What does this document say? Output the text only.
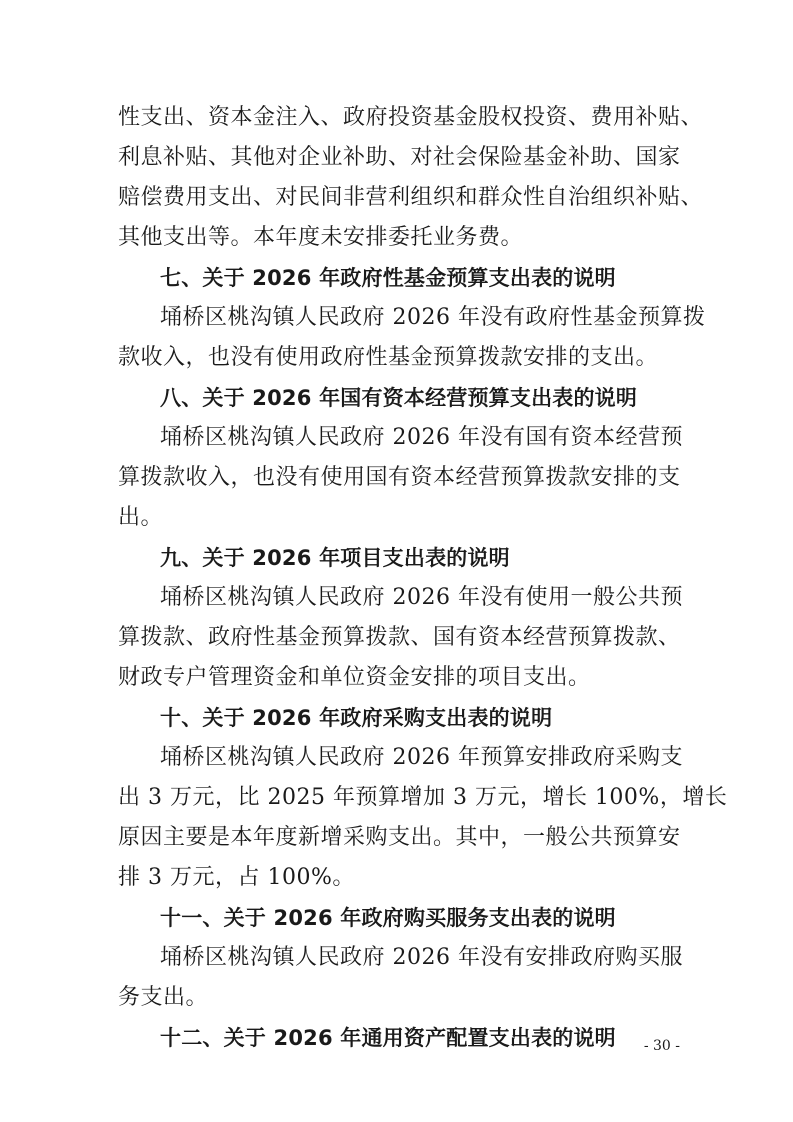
性支出、资本金注入、政府投资基金股权投资、费用补贴、
利息补贴、其他对企业补助、对社会保险基金补助、国家
赔偿费用支出、对民间非营利组织和群众性自治组织补贴、
其他支出等。本年度未安排委托业务费。
七、关于 2026 年政府性基金预算支出表的说明
埇桥区桃沟镇人民政府 2026 年没有政府性基金预算拨
款收入，也没有使用政府性基金预算拨款安排的支出。
八、关于 2026 年国有资本经营预算支出表的说明
埇桥区桃沟镇人民政府 2026 年没有国有资本经营预
算拨款收入，也没有使用国有资本经营预算拨款安排的支
出。
九、关于 2026 年项目支出表的说明
埇桥区桃沟镇人民政府 2026 年没有使用一般公共预
算拨款、政府性基金预算拨款、国有资本经营预算拨款、
财政专户管理资金和单位资金安排的项目支出。
十、关于 2026 年政府采购支出表的说明
埇桥区桃沟镇人民政府 2026 年预算安排政府采购支
出 3 万元，比 2025 年预算增加 3 万元，增长 100%，增长
原因主要是本年度新增采购支出。其中，一般公共预算安
排 3 万元，占 100%。
十一、关于 2026 年政府购买服务支出表的说明
埇桥区桃沟镇人民政府 2026 年没有安排政府购买服
务支出。
十二、关于 2026 年通用资产配置支出表的说明	- 30 -
